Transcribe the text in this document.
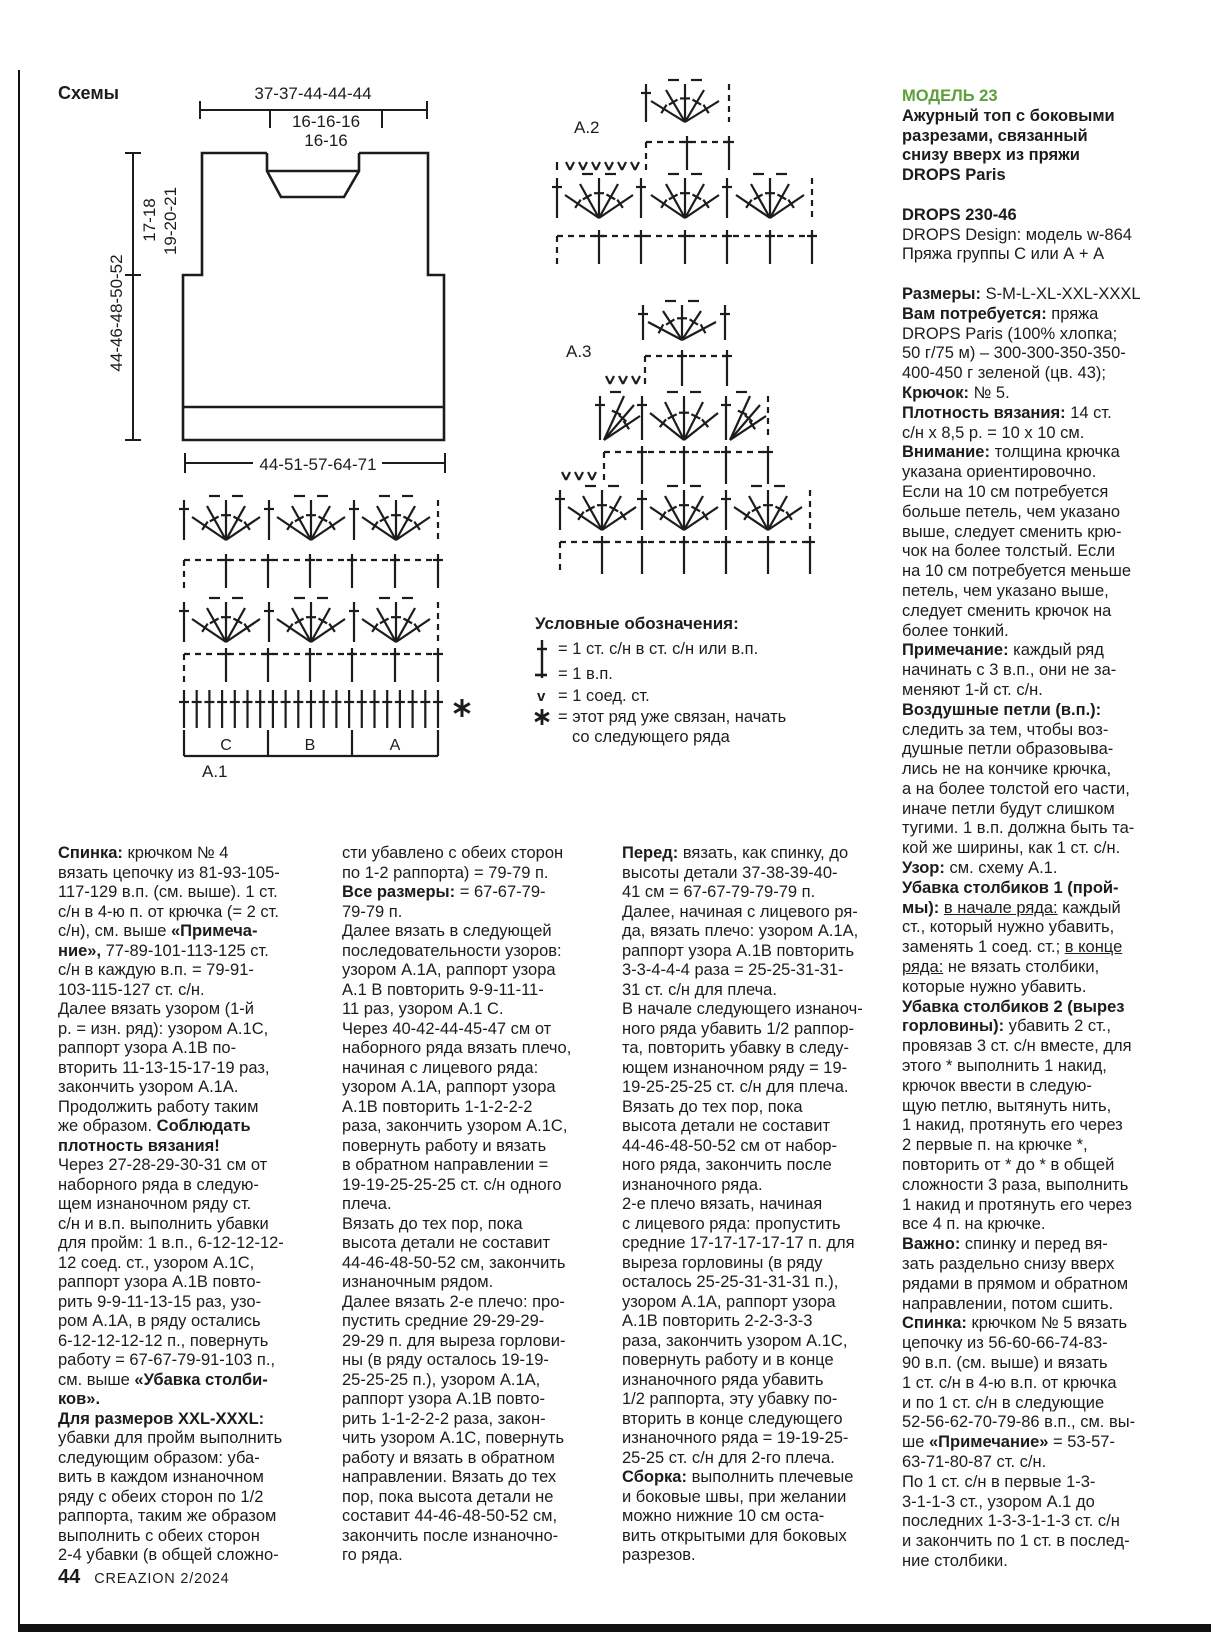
Схемы	37-37-44-44-44
16-16-16
16-16
17-18 19-20-21
44-46-48-50-52
44-51-57-64-71
C	B	A
A.1
A.2
A.3
Условные обозначения:
= 1 ст. с/н в ст. с/н или в.п.
= 1 в.п.
v = 1 соед. ст.
= этот ряд уже связан, начать
со следующего ряда
Спинка: крючком № 4
вязать цепочку из 81-93-105-
117-129 в.п. (см. выше). 1 ст.
с/н в 4-ю п. от крючка (= 2 ст.
с/н), см. выше «Примеча-
ние», 77-89-101-113-125 ст.
с/н в каждую в.п. = 79-91-
103-115-127 ст. с/н.
Далее вязать узором (1-й
р. = изн. ряд): узором А.1С,
раппорт узора А.1В по-
вторить 11-13-15-17-19 раз,
закончить узором А.1А.
Продолжить работу таким
же образом. Соблюдать
плотность вязания!
Через 27-28-29-30-31 см от
наборного ряда в следую-
щем изнаночном ряду ст.
с/н и в.п. выполнить убавки
для пройм: 1 в.п., 6-12-12-12-
12 соед. ст., узором А.1С,
раппорт узора А.1В повто-
рить 9-9-11-13-15 раз, узо-
ром А.1А, в ряду остались
6-12-12-12-12 п., повернуть
работу = 67-67-79-91-103 п.,
см. выше «Убавка столби-
ков».
Для размеров XXL-XXXL:
убавки для пройм выполнить
следующим образом: уба-
вить в каждом изнаночном
ряду с обеих сторон по 1/2
раппорта, таким же образом
выполнить с обеих сторон
2-4 убавки (в общей сложно-
сти убавлено с обеих сторон
по 1-2 раппорта) = 79-79 п.
Все размеры: = 67-67-79-
79-79 п.
Далее вязать в следующей
последовательности узоров:
узором А.1А, раппорт узора
А.1 В повторить 9-9-11-11-
11 раз, узором А.1 С.
Через 40-42-44-45-47 см от
наборного ряда вязать плечо,
начиная с лицевого ряда:
узором А.1А, раппорт узора
А.1В повторить 1-1-2-2-2
раза, закончить узором А.1С,
повернуть работу и вязать
в обратном направлении =
19-19-25-25-25 ст. с/н одного
плеча.
Вязать до тех пор, пока
высота детали не составит
44-46-48-50-52 см, закончить
изнаночным рядом.
Далее вязать 2-е плечо: про-
пустить средние 29-29-29-
29-29 п. для выреза горлови-
ны (в ряду осталось 19-19-
25-25-25 п.), узором А.1А,
раппорт узора А.1В повто-
рить 1-1-2-2-2 раза, закон-
чить узором А.1С, повернуть
работу и вязать в обратном
направлении. Вязать до тех
пор, пока высота детали не
составит 44-46-48-50-52 см,
закончить после изнаночно-
го ряда.
Перед: вязать, как спинку, до
высоты детали 37-38-39-40-
41 см = 67-67-79-79-79 п.
Далее, начиная с лицевого ря-
да, вязать плечо: узором А.1А,
раппорт узора А.1В повторить
3-3-4-4-4 раза = 25-25-31-31-
31 ст. с/н для плеча.
В начале следующего изнаноч-
ного ряда убавить 1/2 раппор-
та, повторить убавку в следу-
ющем изнаночном ряду = 19-
19-25-25-25 ст. с/н для плеча.
Вязать до тех пор, пока
высота детали не составит
44-46-48-50-52 см от набор-
ного ряда, закончить после
изнаночного ряда.
2-е плечо вязать, начиная
с лицевого ряда: пропустить
средние 17-17-17-17-17 п. для
выреза горловины (в ряду
осталось 25-25-31-31-31 п.),
узором А.1А, раппорт узора
А.1В повторить 2-2-3-3-3
раза, закончить узором А.1С,
повернуть работу и в конце
изнаночного ряда убавить
1/2 раппорта, эту убавку по-
вторить в конце следующего
изнаночного ряда = 19-19-25-
25-25 ст. с/н для 2-го плеча.
Сборка: выполнить плечевые
и боковые швы, при желании
можно нижние 10 см оста-
вить открытыми для боковых
разрезов.
МОДЕЛЬ 23
Ажурный топ с боковыми
разрезами, связанный
снизу вверх из пряжи
DROPS Paris

DROPS 230-46
DROPS Design: модель w-864
Пряжа группы С или А + А

Размеры: S-M-L-XL-XXL-XXXL
Вам потребуется: пряжа
DROPS Paris (100% хлопка;
50 г/75 м) – 300-300-350-350-
400-450 г зеленой (цв. 43);
Крючок: № 5.
Плотность вязания: 14 ст.
с/н х 8,5 р. = 10 х 10 см.
Внимание: толщина крючка
указана ориентировочно.
Если на 10 см потребуется
больше петель, чем указано
выше, следует сменить крю-
чок на более толстый. Если
на 10 см потребуется меньше
петель, чем указано выше,
следует сменить крючок на
более тонкий.
Примечание: каждый ряд
начинать с 3 в.п., они не за-
меняют 1-й ст. с/н.
Воздушные петли (в.п.):
следить за тем, чтобы воз-
душные петли образовыва-
лись не на кончике крючка,
а на более толстой его части,
иначе петли будут слишком
тугими. 1 в.п. должна быть та-
кой же ширины, как 1 ст. с/н.
Узор: см. схему А.1.
Убавка столбиков 1 (прой-
мы): в начале ряда: каждый
ст., который нужно убавить,
заменять 1 соед. ст.; в конце
ряда: не вязать столбики,
которые нужно убавить.
Убавка столбиков 2 (вырез
горловины): убавить 2 ст.,
провязав 3 ст. с/н вместе, для
этого * выполнить 1 накид,
крючок ввести в следую-
щую петлю, вытянуть нить,
1 накид, протянуть его через
2 первые п. на крючке *,
повторить от * до * в общей
сложности 3 раза, выполнить
1 накид и протянуть его через
все 4 п. на крючке.
Важно: спинку и перед вя-
зать раздельно снизу вверх
рядами в прямом и обратном
направлении, потом сшить.
Спинка: крючком № 5 вязать
цепочку из 56-60-66-74-83-
90 в.п. (см. выше) и вязать
1 ст. с/н в 4-ю в.п. от крючка
и по 1 ст. с/н в следующие
52-56-62-70-79-86 в.п., см. вы-
ше «Примечание» = 53-57-
63-71-80-87 ст. с/н.
По 1 ст. с/н в первые 1-3-
3-1-1-3 ст., узором А.1 до
последних 1-3-3-1-1-3 ст. с/н
и закончить по 1 ст. в послед-
ние столбики.
44 CREAZION 2/2024
